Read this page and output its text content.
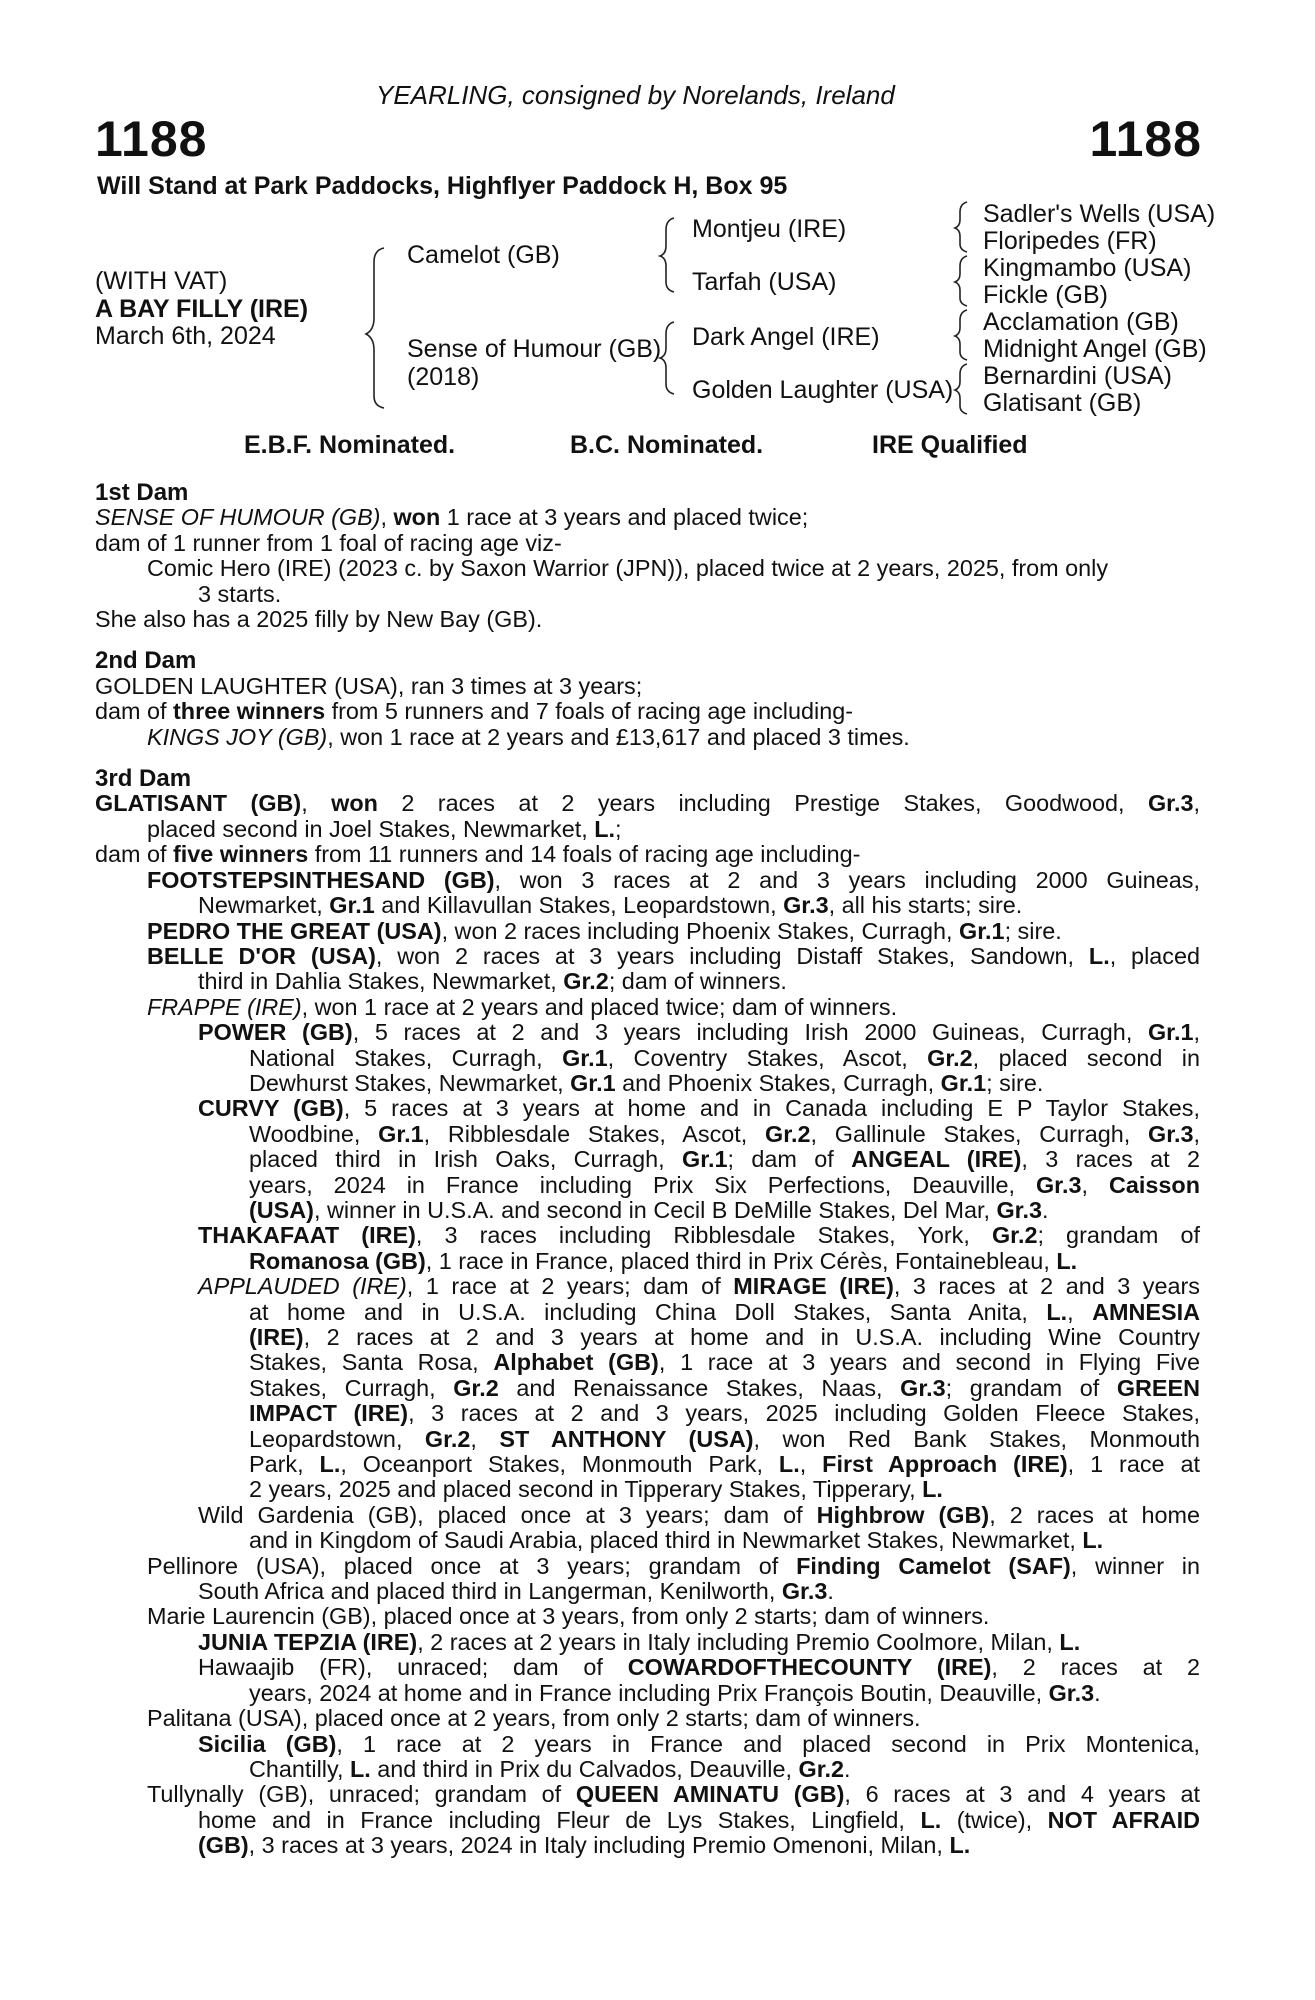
YEARLING, consigned by Norelands, Ireland
1188	1188
Will Stand at Park Paddocks, Highflyer Paddock H, Box 95
(WITH VAT)
A BAY FILLY (IRE)
March 6th, 2024
Camelot (GB)
Sense of Humour (GB)
(2018)
Montjeu (IRE)
Tarfah (USA)
Dark Angel (IRE)
Golden Laughter (USA)
Sadler's Wells (USA)
Floripedes (FR)
Kingmambo (USA)
Fickle (GB)
Acclamation (GB)
Midnight Angel (GB)
Bernardini (USA)
Glatisant (GB)
E.B.F. Nominated.	B.C. Nominated.	IRE Qualified
1st Dam
SENSE OF HUMOUR (GB), won 1 race at 3 years and placed twice;
dam of 1 runner from 1 foal of racing age viz-
Comic Hero (IRE) (2023 c. by Saxon Warrior (JPN)), placed twice at 2 years, 2025, from only
3 starts.
She also has a 2025 filly by New Bay (GB).
2nd Dam
GOLDEN LAUGHTER (USA), ran 3 times at 3 years;
dam of three winners from 5 runners and 7 foals of racing age including-
KINGS JOY (GB), won 1 race at 2 years and £13,617 and placed 3 times.
3rd Dam
GLATISANT (GB), won 2 races at 2 years including Prestige Stakes, Goodwood, Gr.3,
placed second in Joel Stakes, Newmarket, L.;
dam of five winners from 11 runners and 14 foals of racing age including-
FOOTSTEPSINTHESAND (GB), won 3 races at 2 and 3 years including 2000 Guineas,
Newmarket, Gr.1 and Killavullan Stakes, Leopardstown, Gr.3, all his starts; sire.
PEDRO THE GREAT (USA), won 2 races including Phoenix Stakes, Curragh, Gr.1; sire.
BELLE D'OR (USA), won 2 races at 3 years including Distaff Stakes, Sandown, L., placed
third in Dahlia Stakes, Newmarket, Gr.2; dam of winners.
FRAPPE (IRE), won 1 race at 2 years and placed twice; dam of winners.
POWER (GB), 5 races at 2 and 3 years including Irish 2000 Guineas, Curragh, Gr.1,
National Stakes, Curragh, Gr.1, Coventry Stakes, Ascot, Gr.2, placed second in
Dewhurst Stakes, Newmarket, Gr.1 and Phoenix Stakes, Curragh, Gr.1; sire.
CURVY (GB), 5 races at 3 years at home and in Canada including E P Taylor Stakes,
Woodbine, Gr.1, Ribblesdale Stakes, Ascot, Gr.2, Gallinule Stakes, Curragh, Gr.3,
placed third in Irish Oaks, Curragh, Gr.1; dam of ANGEAL (IRE), 3 races at 2
years, 2024 in France including Prix Six Perfections, Deauville, Gr.3, Caisson
(USA), winner in U.S.A. and second in Cecil B DeMille Stakes, Del Mar, Gr.3.
THAKAFAAT (IRE), 3 races including Ribblesdale Stakes, York, Gr.2; grandam of
Romanosa (GB), 1 race in France, placed third in Prix Cérès, Fontainebleau, L.
APPLAUDED (IRE), 1 race at 2 years; dam of MIRAGE (IRE), 3 races at 2 and 3 years
at home and in U.S.A. including China Doll Stakes, Santa Anita, L., AMNESIA
(IRE), 2 races at 2 and 3 years at home and in U.S.A. including Wine Country
Stakes, Santa Rosa, Alphabet (GB), 1 race at 3 years and second in Flying Five
Stakes, Curragh, Gr.2 and Renaissance Stakes, Naas, Gr.3; grandam of GREEN
IMPACT (IRE), 3 races at 2 and 3 years, 2025 including Golden Fleece Stakes,
Leopardstown, Gr.2, ST ANTHONY (USA), won Red Bank Stakes, Monmouth
Park, L., Oceanport Stakes, Monmouth Park, L., First Approach (IRE), 1 race at
2 years, 2025 and placed second in Tipperary Stakes, Tipperary, L.
Wild Gardenia (GB), placed once at 3 years; dam of Highbrow (GB), 2 races at home
and in Kingdom of Saudi Arabia, placed third in Newmarket Stakes, Newmarket, L.
Pellinore (USA), placed once at 3 years; grandam of Finding Camelot (SAF), winner in
South Africa and placed third in Langerman, Kenilworth, Gr.3.
Marie Laurencin (GB), placed once at 3 years, from only 2 starts; dam of winners.
JUNIA TEPZIA (IRE), 2 races at 2 years in Italy including Premio Coolmore, Milan, L.
Hawaajib (FR), unraced; dam of COWARDOFTHECOUNTY (IRE), 2 races at 2
years, 2024 at home and in France including Prix François Boutin, Deauville, Gr.3.
Palitana (USA), placed once at 2 years, from only 2 starts; dam of winners.
Sicilia (GB), 1 race at 2 years in France and placed second in Prix Montenica,
Chantilly, L. and third in Prix du Calvados, Deauville, Gr.2.
Tullynally (GB), unraced; grandam of QUEEN AMINATU (GB), 6 races at 3 and 4 years at
home and in France including Fleur de Lys Stakes, Lingfield, L. (twice), NOT AFRAID
(GB), 3 races at 3 years, 2024 in Italy including Premio Omenoni, Milan, L.
